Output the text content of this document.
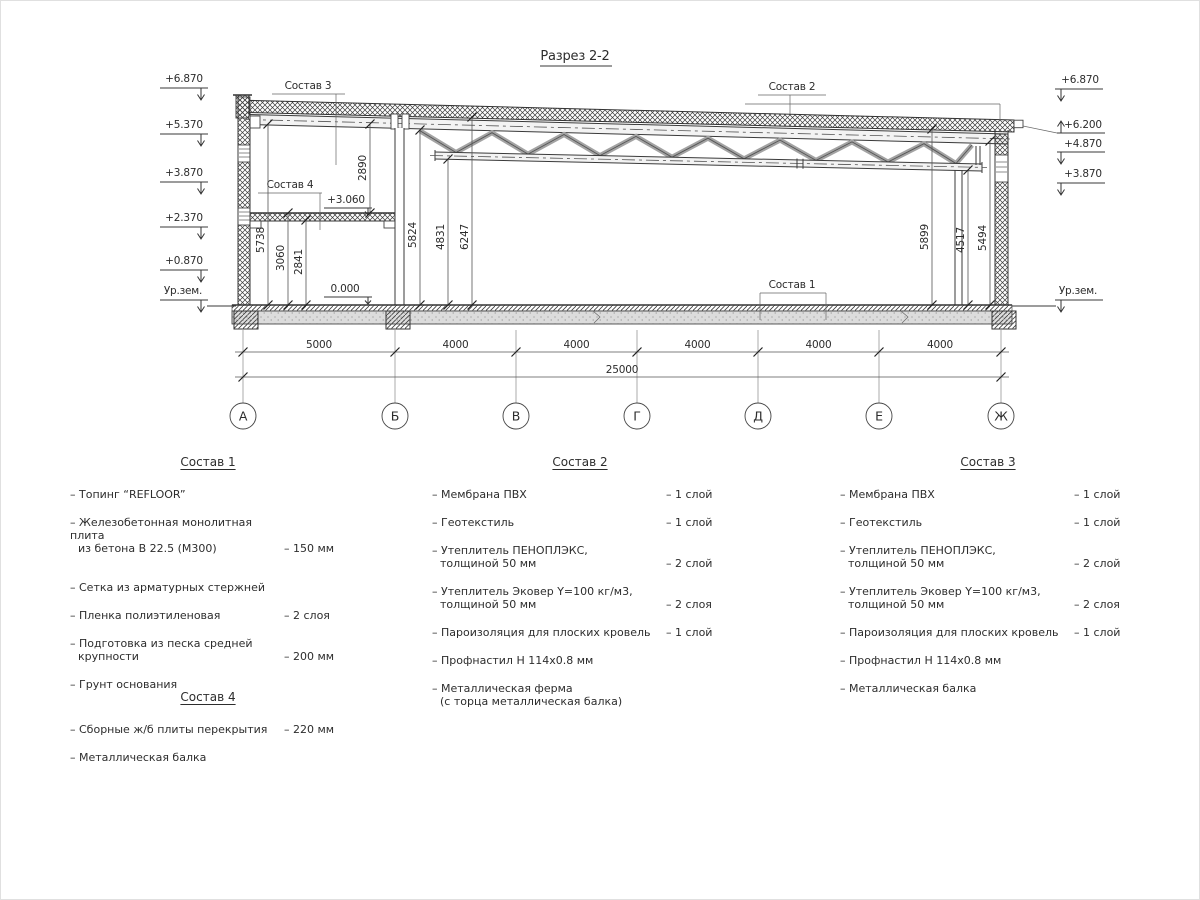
Разрез 2-2
+6.870
+5.370
+3.870
+2.370
+0.870
Ур.зем.
+6.870
+6.200
+4.870
+3.870
Ур.зем.
+3.060
0.000
Состав 3	Состав 2
Состав 4
Состав 1
5738
3060 2841
2890
5824 4831 6247	5899 4517 5494
5000	4000	4000	4000	4000	4000
25000
А	Б	В	Г	Д	Е	Ж
Состав 1
– Топинг “REFLOOR”
– Железобетонная монолитная плита
из бетона В 22.5 (М300)	– 150 мм
– Сетка из арматурных стержней
– Пленка полиэтиленовая	– 2 слоя
– Подготовка из песка средней
крупности	– 200 мм
– Грунт основания
Состав 2
– Мембрана ПВХ	– 1 слой
– Геотекстиль	– 1 слой
– Утеплитель ПЕНОПЛЭКС,
толщиной 50 мм	– 2 слой
– Утеплитель Эковер Y=100 кг/м3,
толщиной 50 мм	– 2 слоя
– Пароизоляция для плоских кровель	– 1 слой
– Профнастил Н 114х0.8 мм
– Металлическая ферма
(с торца металлическая балка)
Состав 3
– Мембрана ПВХ	– 1 слой
– Геотекстиль	– 1 слой
– Утеплитель ПЕНОПЛЭКС,
толщиной 50 мм	– 2 слой
– Утеплитель Эковер Y=100 кг/м3,
толщиной 50 мм	– 2 слоя
– Пароизоляция для плоских кровель	– 1 слой
– Профнастил Н 114х0.8 мм
– Металлическая балка
Состав 4
– Сборные ж/б плиты перекрытия	– 220 мм
– Металлическая балка
